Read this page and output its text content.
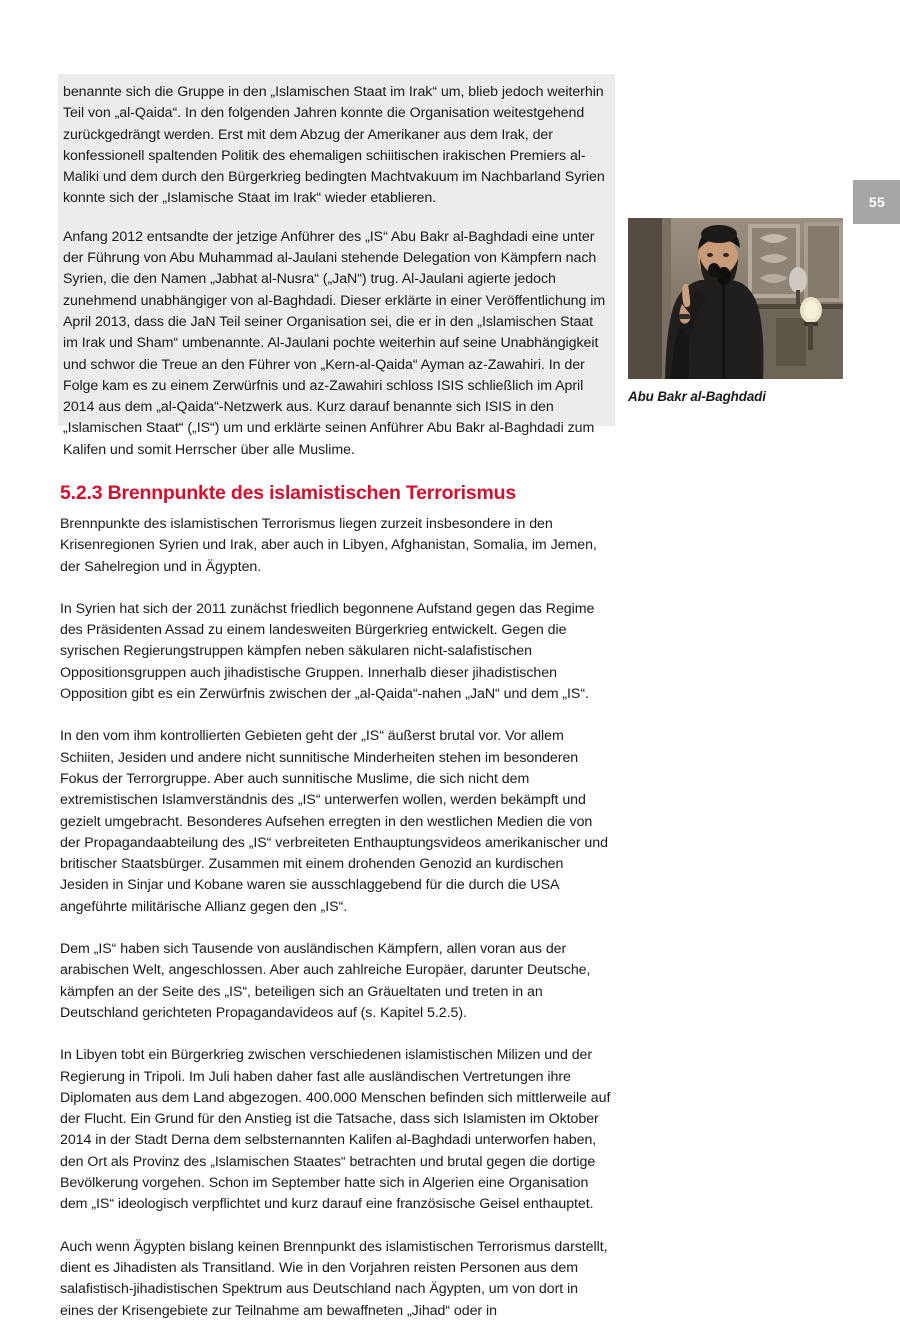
55

benannte sich die Gruppe in den „Islamischen Staat im Irak“ um, blieb jedoch weiterhin Teil von „al-Qaida“. In den folgenden Jahren konnte die Organisation weitestgehend zurückgedrängt werden. Erst mit dem Abzug der Amerikaner aus dem Irak, der konfessionell spaltenden Politik des ehemaligen schiitischen irakischen Premiers al-Maliki und dem durch den Bürgerkrieg bedingten Machtvakuum im Nachbarland Syrien konnte sich der „Islamische Staat im Irak“ wieder etablieren.

Anfang 2012 entsandte der jetzige Anführer des „IS“ Abu Bakr al-Baghdadi eine unter der Führung von Abu Muhammad al-Jaulani stehende Delegation von Kämpfern nach Syrien, die den Namen „Jabhat al-Nusra“ („JaN“) trug. Al-Jaulani agierte jedoch zunehmend unabhängiger von al-Baghdadi. Dieser erklärte in einer Veröffentlichung im April 2013, dass die JaN Teil seiner Organisation sei, die er in den „Islamischen Staat im Irak und Sham“ umbenannte. Al-Jaulani pochte weiterhin auf seine Unabhängigkeit und schwor die Treue an den Führer von „Kern-al-Qaida“ Ayman az-Zawahiri. In der Folge kam es zu einem Zerwürfnis und az-Zawahiri schloss ISIS schließlich im April 2014 aus dem „al-Qaida“-Netzwerk aus. Kurz darauf benannte sich ISIS in den „Islamischen Staat“ („IS“) um und erklärte seinen Anführer Abu Bakr al-Baghdadi zum Kalifen und somit Herrscher über alle Muslime.

Abu Bakr al-Baghdadi
5.2.3 Brennpunkte des islamistischen Terrorismus

Brennpunkte des islamistischen Terrorismus liegen zurzeit insbesondere in den Krisenregionen Syrien und Irak, aber auch in Libyen, Afghanistan, Somalia, im Jemen, der Sahelregion und in Ägypten.

In Syrien hat sich der 2011 zunächst friedlich begonnene Aufstand gegen das Regime des Präsidenten Assad zu einem landesweiten Bürgerkrieg entwickelt. Gegen die syrischen Regierungstruppen kämpfen neben säkularen nicht-salafistischen Oppositionsgruppen auch jihadistische Gruppen. Innerhalb dieser jihadistischen Opposition gibt es ein Zerwürfnis zwischen der „al-Qaida“-nahen „JaN“ und dem „IS“.

In den vom ihm kontrollierten Gebieten geht der „IS“ äußerst brutal vor. Vor allem Schiiten, Jesiden und andere nicht sunnitische Minderheiten stehen im besonderen Fokus der Terrorgruppe. Aber auch sunnitische Muslime, die sich nicht dem extremistischen Islamverständnis des „IS“ unterwerfen wollen, werden bekämpft und gezielt umgebracht. Besonderes Aufsehen erregten in den westlichen Medien die von der Propagandaabteilung des „IS“ verbreiteten Enthauptungsvideos amerikanischer und britischer Staatsbürger. Zusammen mit einem drohenden Genozid an kurdischen Jesiden in Sinjar und Kobane waren sie ausschlaggebend für die durch die USA angeführte militärische Allianz gegen den „IS“.

Dem „IS“ haben sich Tausende von ausländischen Kämpfern, allen voran aus der arabischen Welt, angeschlossen. Aber auch zahlreiche Europäer, darunter Deutsche, kämpfen an der Seite des „IS“, beteiligen sich an Gräueltaten und treten in an Deutschland gerichteten Propagandavideos auf (s. Kapitel 5.2.5).

In Libyen tobt ein Bürgerkrieg zwischen verschiedenen islamistischen Milizen und der Regierung in Tripoli. Im Juli haben daher fast alle ausländischen Vertretungen ihre Diplomaten aus dem Land abgezogen. 400.000 Menschen befinden sich mittlerweile auf der Flucht. Ein Grund für den Anstieg ist die Tatsache, dass sich Islamisten im Oktober 2014 in der Stadt Derna dem selbsternannten Kalifen al-Baghdadi unterworfen haben, den Ort als Provinz des „Islamischen Staates“ betrachten und brutal gegen die dortige Bevölkerung vorgehen. Schon im September hatte sich in Algerien eine Organisation dem „IS“ ideologisch verpflichtet und kurz darauf eine französische Geisel enthauptet.

Auch wenn Ägypten bislang keinen Brennpunkt des islamistischen Terrorismus darstellt, dient es Jihadisten als Transitland. Wie in den Vorjahren reisten Personen aus dem salafistisch-jihadistischen Spektrum aus Deutschland nach Ägypten, um von dort in eines der Krisengebiete zur Teilnahme am bewaffneten „Jihad“ oder in
